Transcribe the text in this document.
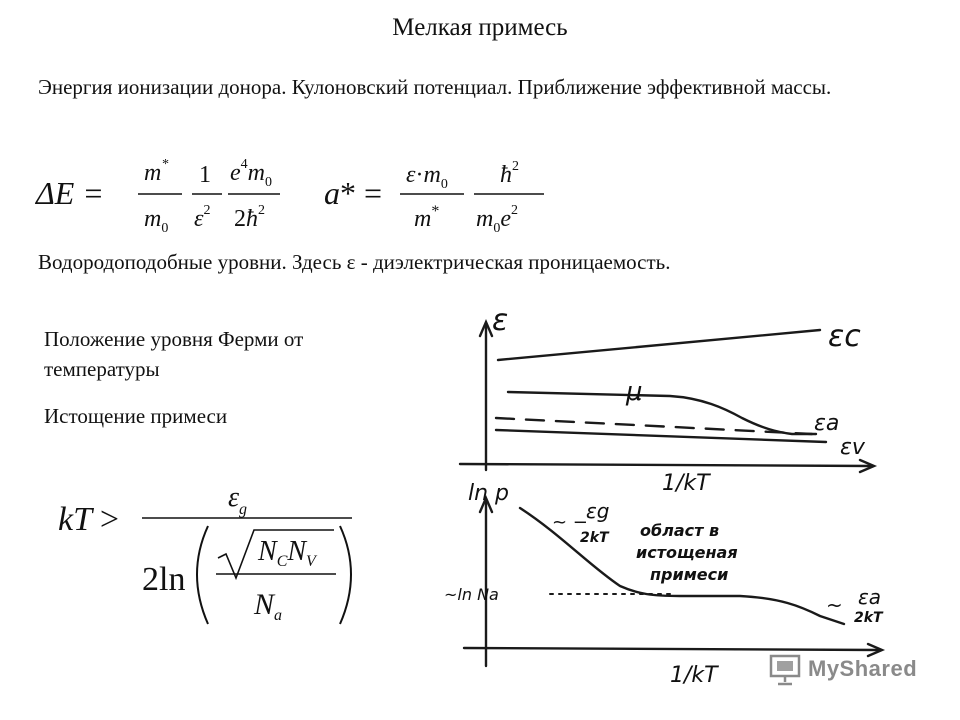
Мелкая примесь
Энергия ионизации донора. Кулоновский потенциал. Приближение эффективной массы.
ΔE =
m*
$m_0$
1
$\varepsilon^2$
$e^4m_0$
$2ħ^2$ $a* = \varepsilon\cdot m_0$
m*
$ħ^2$
$m_0e^2$
Водородоподобные уровни. Здесь ε - диэлектрическая проницаемость.
Положение уровня Ферми от температуры
Истощение примеси
kT >
$\varepsilon_g$
2ln
$N_CN_V$
$N_a$
ε	εc
μ
εa
εv
1/kT
ln p
~ −
εg
2kT област в
истощеная
примеси
~ln Na	~ εa
2kT
1/kT	MyShared
